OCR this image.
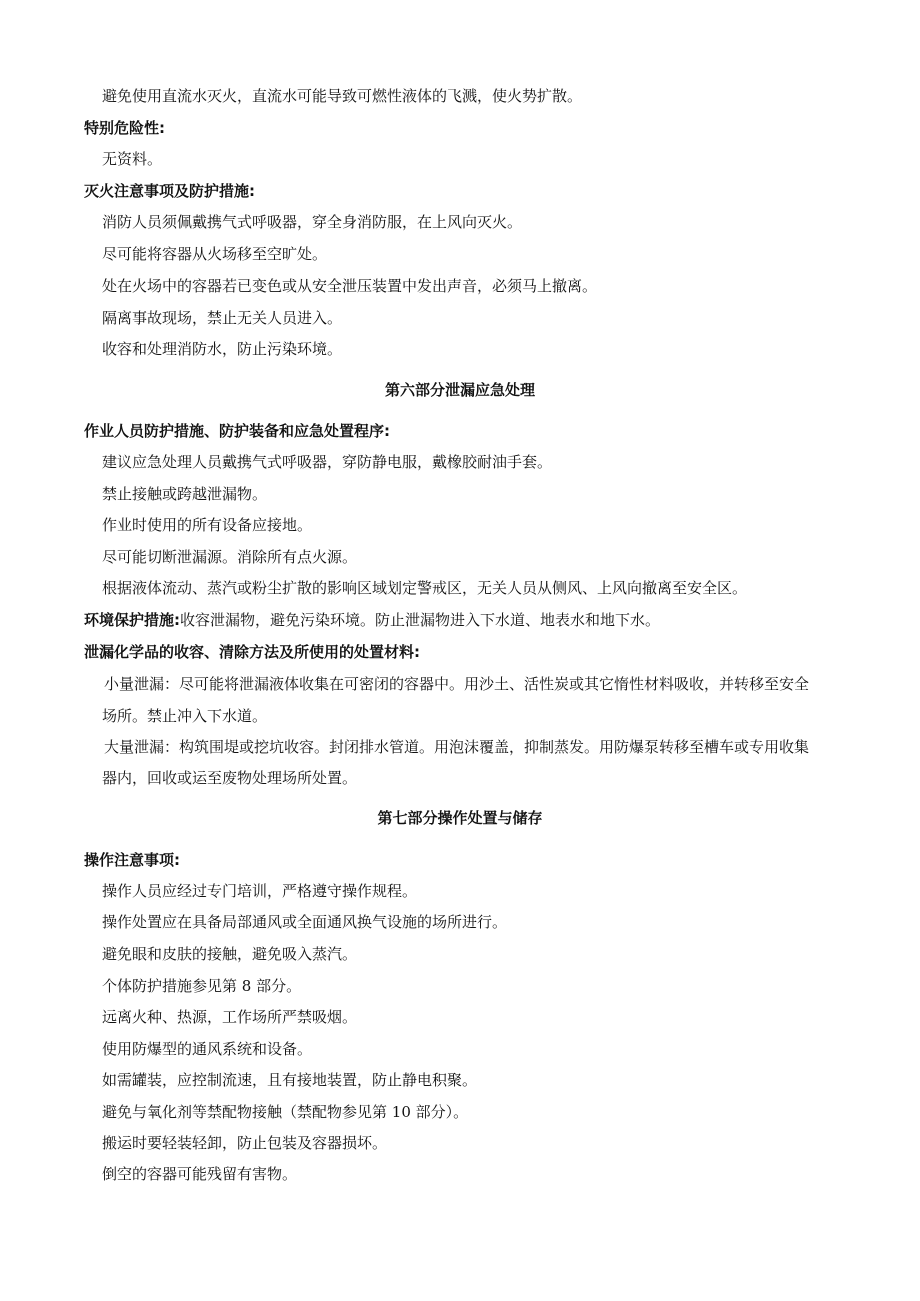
避免使用直流水灭火，直流水可能导致可燃性液体的飞溅，使火势扩散。
特别危险性:
无资料。
灭火注意事项及防护措施:
消防人员须佩戴携气式呼吸器，穿全身消防服，在上风向灭火。
尽可能将容器从火场移至空旷处。
处在火场中的容器若已变色或从安全泄压装置中发出声音，必须马上撤离。
隔离事故现场，禁止无关人员进入。
收容和处理消防水，防止污染环境。
第六部分泄漏应急处理
作业人员防护措施、防护装备和应急处置程序:
建议应急处理人员戴携气式呼吸器，穿防静电服，戴橡胶耐油手套。
禁止接触或跨越泄漏物。
作业时使用的所有设备应接地。
尽可能切断泄漏源。消除所有点火源。
根据液体流动、蒸汽或粉尘扩散的影响区域划定警戒区，无关人员从侧风、上风向撤离至安全区。
环境保护措施:收容泄漏物，避免污染环境。防止泄漏物进入下水道、地表水和地下水。
泄漏化学品的收容、清除方法及所使用的处置材料:
小量泄漏：尽可能将泄漏液体收集在可密闭的容器中。用沙土、活性炭或其它惰性材料吸收，并转移至安全
场所。禁止冲入下水道。
大量泄漏：构筑围堤或挖坑收容。封闭排水管道。用泡沫覆盖，抑制蒸发。用防爆泵转移至槽车或专用收集
器内，回收或运至废物处理场所处置。
第七部分操作处置与储存
操作注意事项:
操作人员应经过专门培训，严格遵守操作规程。
操作处置应在具备局部通风或全面通风换气设施的场所进行。
避免眼和皮肤的接触，避免吸入蒸汽。
个体防护措施参见第 8 部分。
远离火种、热源，工作场所严禁吸烟。
使用防爆型的通风系统和设备。
如需罐装，应控制流速，且有接地装置，防止静电积聚。
避免与氧化剂等禁配物接触（禁配物参见第 10 部分）。
搬运时要轻装轻卸，防止包装及容器损坏。
倒空的容器可能残留有害物。
